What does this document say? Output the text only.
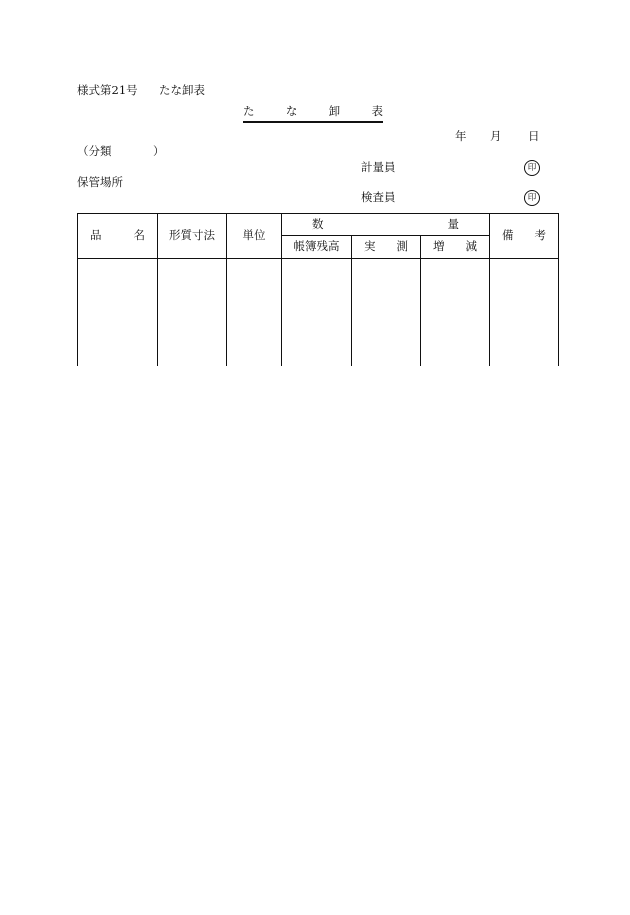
様式第21号 たな卸表
た	な	卸	表
年 月 日
（分類	）
計量員	印
保管場所
検査員	印
品 名	形質寸法	単位	数 量			備 考

			帳簿残高	実 測	増 減	
